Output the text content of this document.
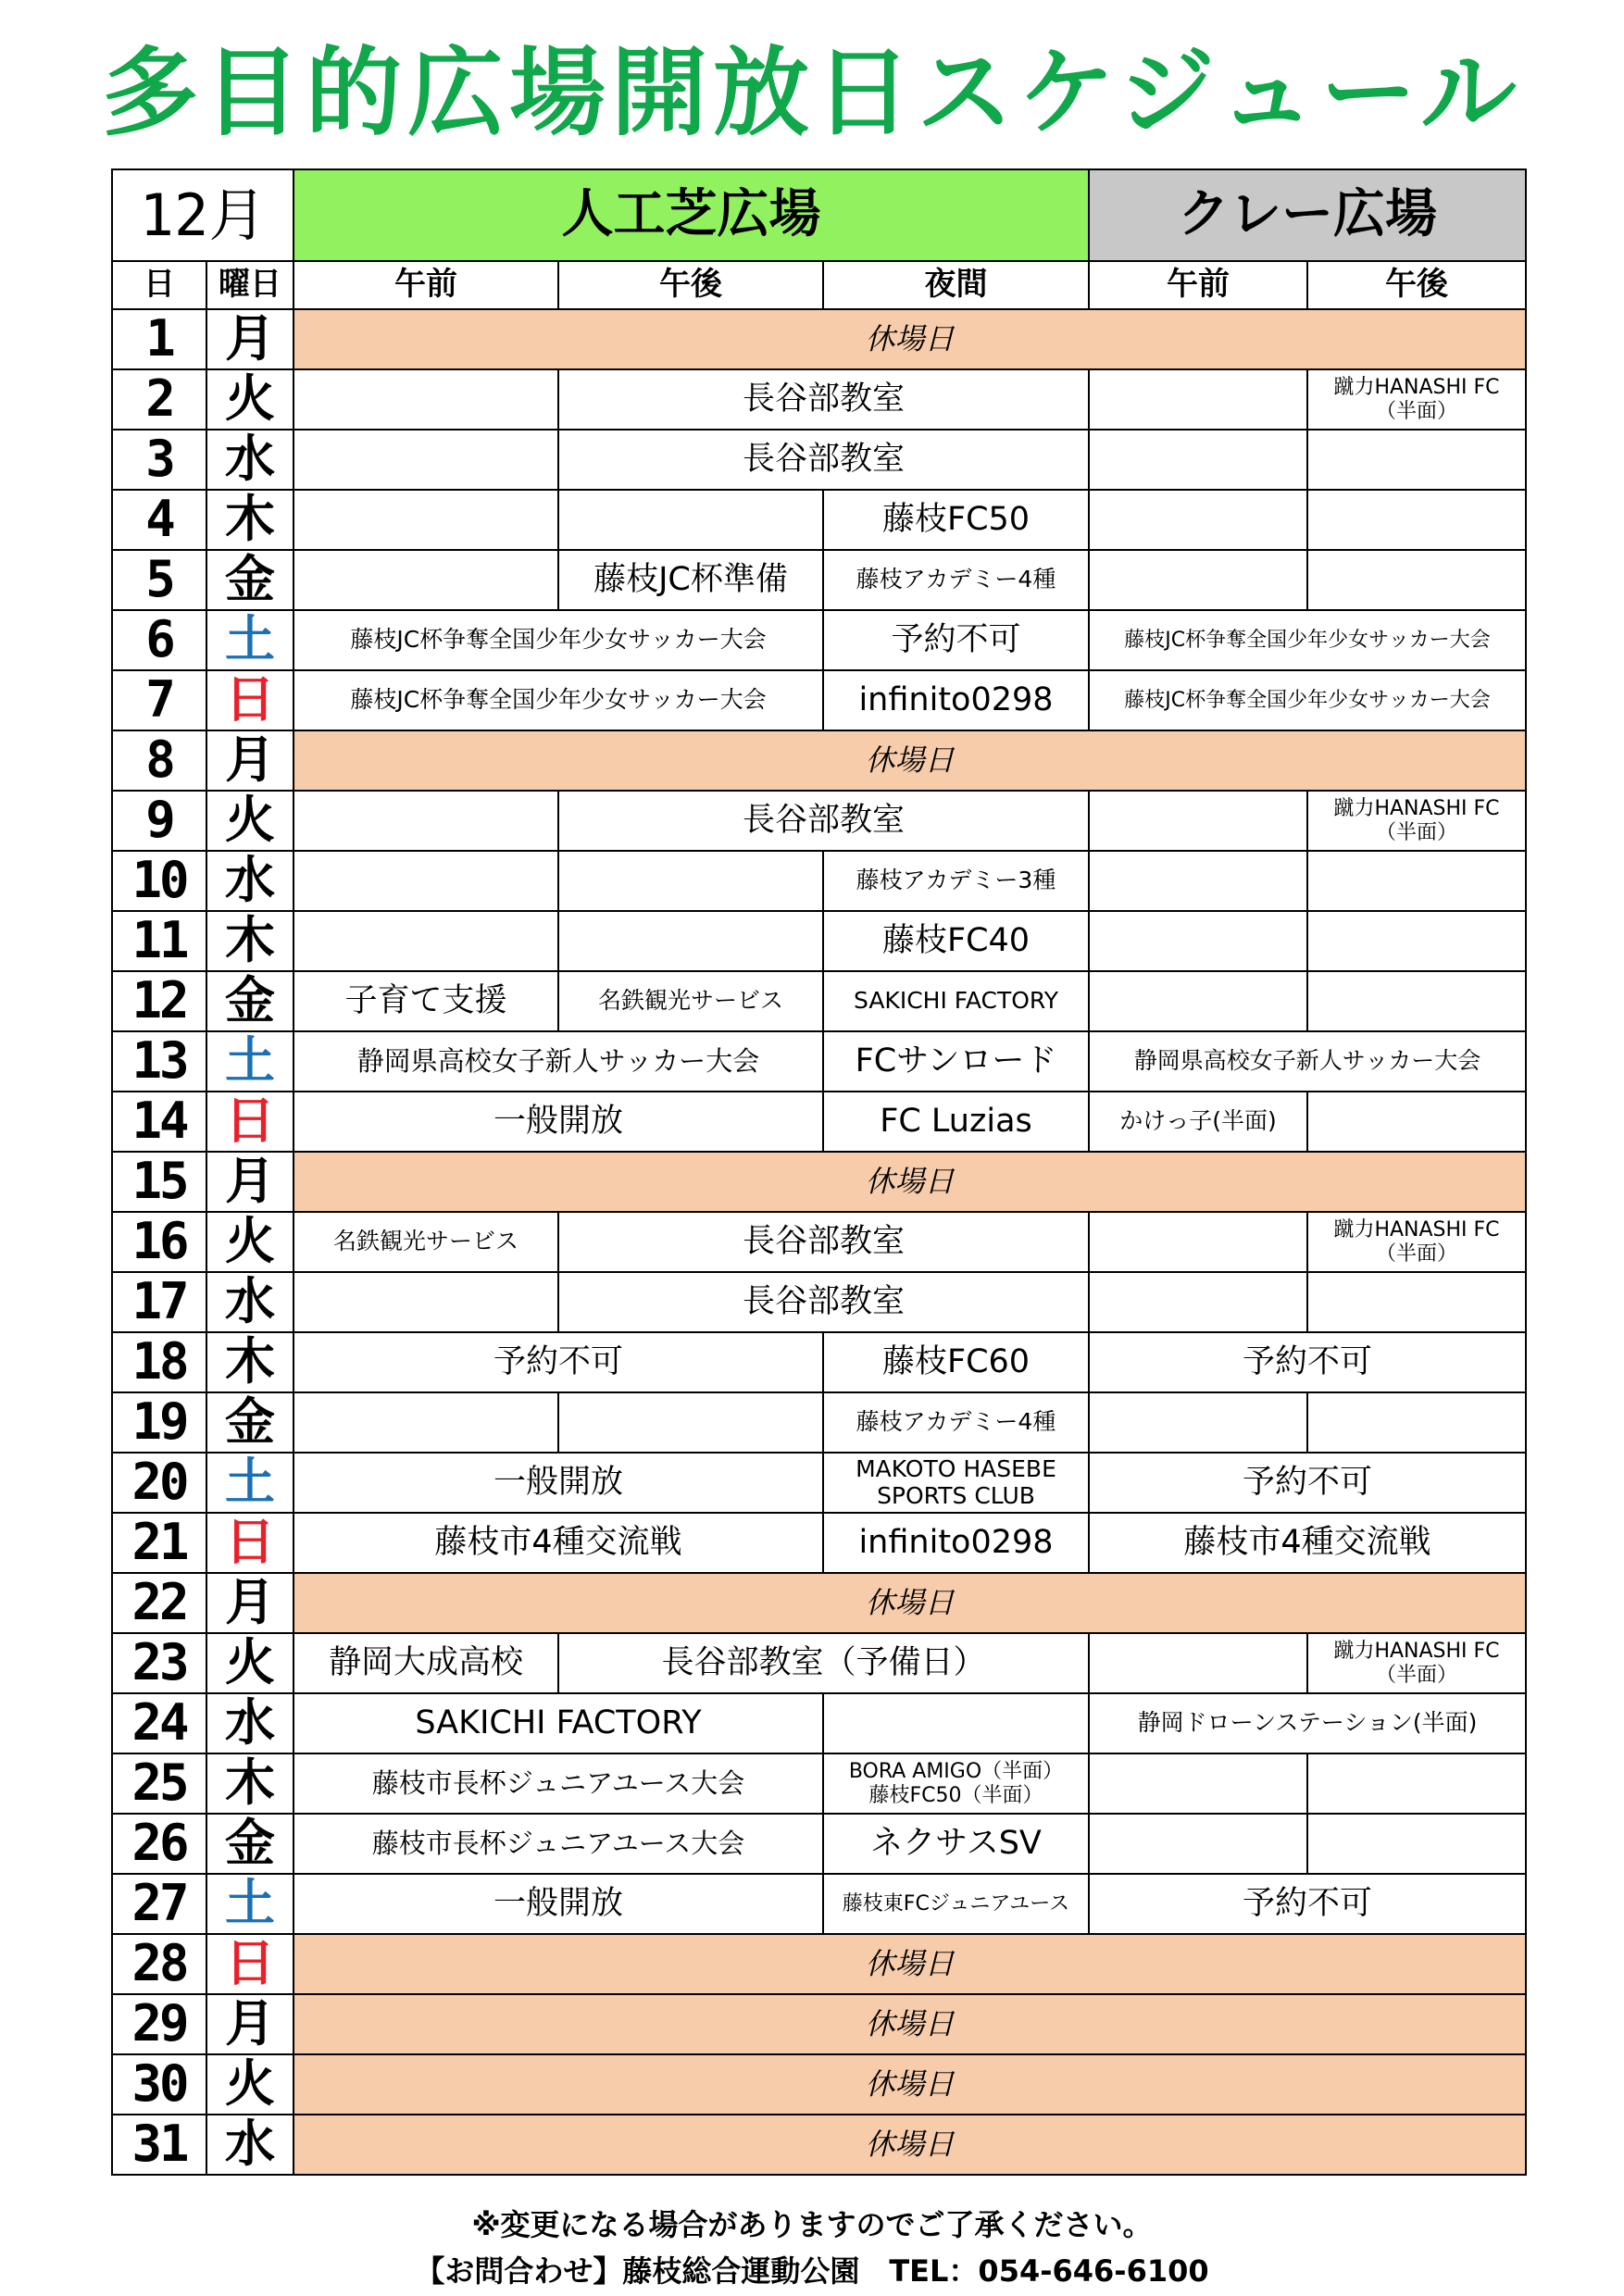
多目的広場開放日スケジュール
12月		人工芝広場			クレー広場	
日	曜日	午前	午後	夜間	午前	午後
1	月	休場日				
2	火		長谷部教室			蹴力HANASHI FC
（半面）

3	水		長谷部教室			
4	木			藤枝FC50		
5	金		藤枝JC杯準備	藤枝アカデミー4種		
6	土	藤枝JC杯争奪全国少年少女サッカー大会		予約不可	藤枝JC杯争奪全国少年少女サッカー大会	
7	日	藤枝JC杯争奪全国少年少女サッカー大会		infinito0298	藤枝JC杯争奪全国少年少女サッカー大会	
8	月	休場日				
9	火		長谷部教室			蹴力HANASHI FC
（半面）

10	水			藤枝アカデミー3種		
11	木			藤枝FC40		
12	金	子育て支援	名鉄観光サービス	SAKICHI FACTORY		
13	土	静岡県高校女子新人サッカー大会		FCサンロード	静岡県高校女子新人サッカー大会	
14	日	一般開放		FC Luzias	かけっ子(半面)	
15	月	休場日				
16	火	名鉄観光サービス	長谷部教室			蹴力HANASHI FC
（半面）

17	水		長谷部教室			
18	木	予約不可		藤枝FC60	予約不可	
19	金			藤枝アカデミー4種		
20	土	一般開放		MAKOTO HASEBE
SPORTS CLUB	予約不可	
21	日	藤枝市4種交流戦		infinito0298	藤枝市4種交流戦	
22	月	休場日				
23	火	静岡大成高校	長谷部教室（予備日）			蹴力HANASHI FC
（半面）

24	水	SAKICHI FACTORY			静岡ドローンステーション(半面)	
25	木	藤枝市長杯ジュニアユース大会		BORA AMIGO（半面）
藤枝FC50（半面）		

26	金	藤枝市長杯ジュニアユース大会		ネクサスSV		
27	土	一般開放		藤枝東FCジュニアユース	予約不可	
28	日	休場日				
29	月	休場日				
30	火	休場日				
31	水	休場日				
※変更になる場合がありますのでご了承ください。
【お問合わせ】藤枝総合運動公園　TEL：054-646-6100
